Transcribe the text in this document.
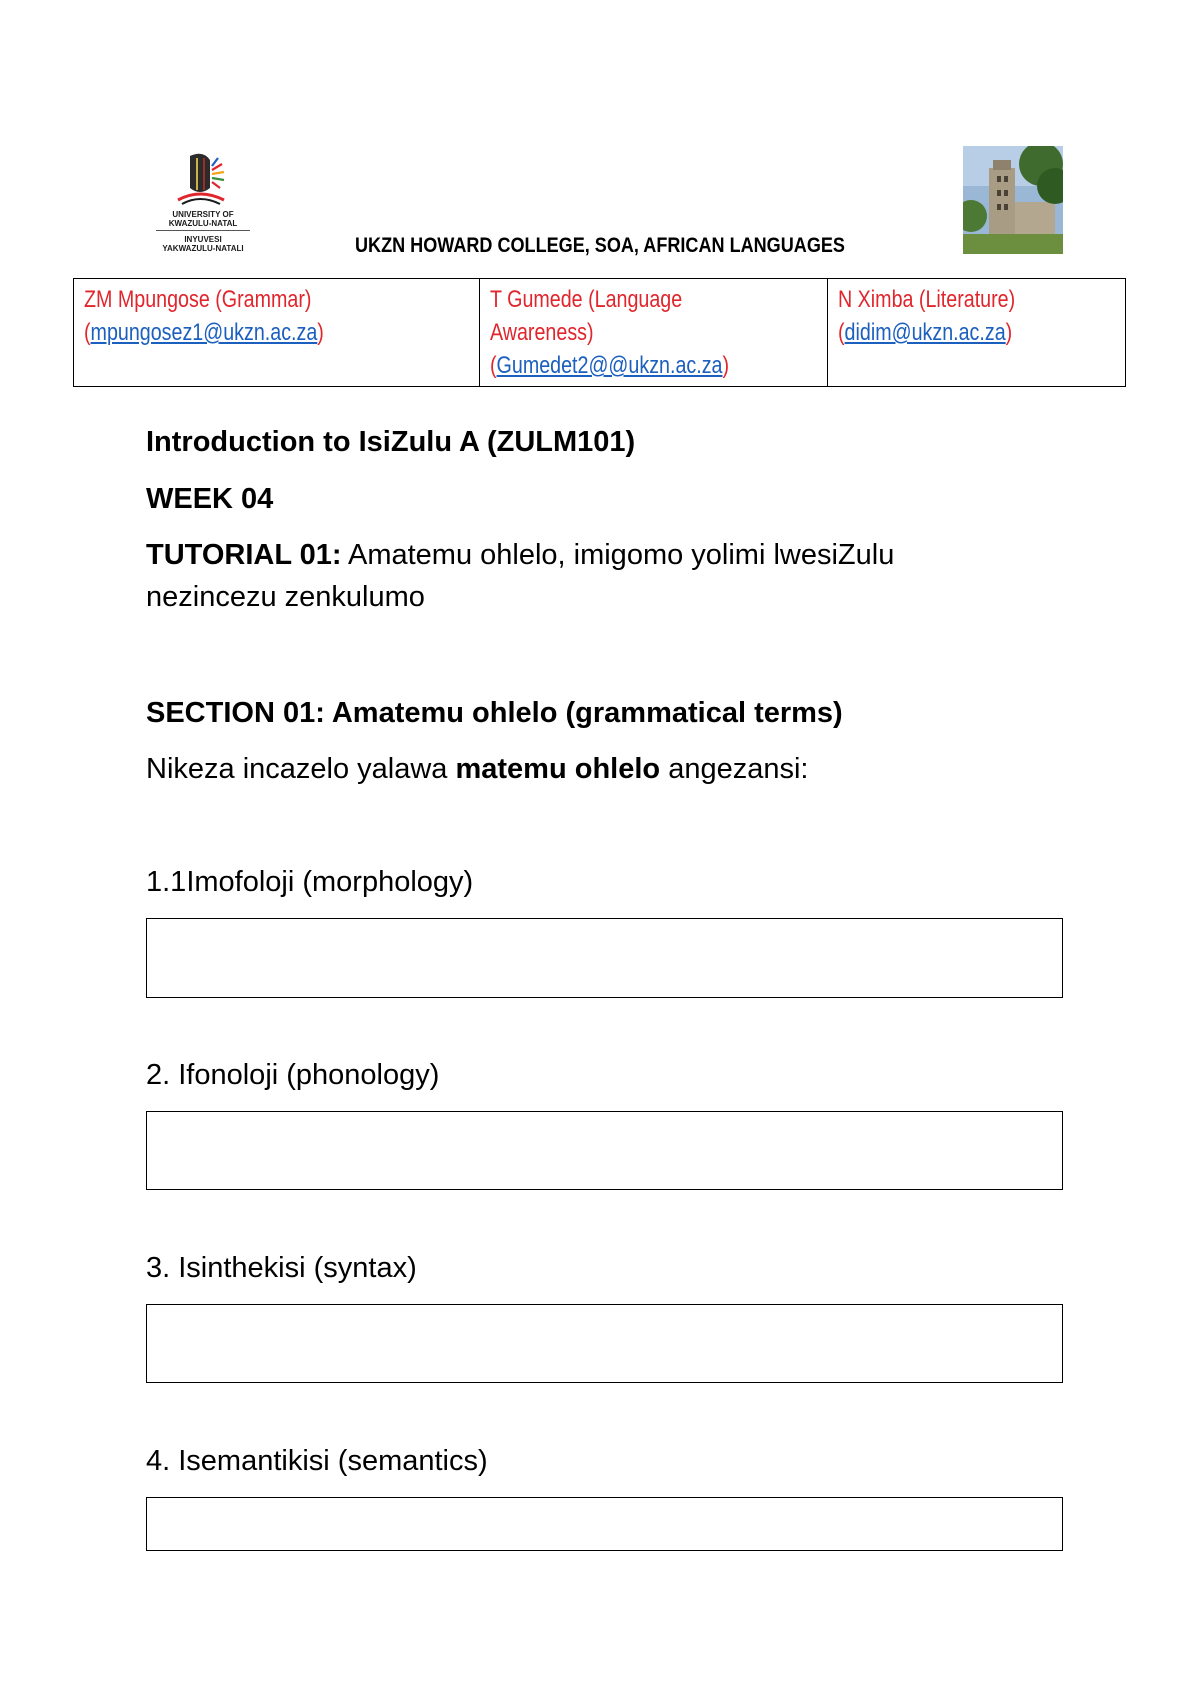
UNIVERSITY OF
KWAZULU-NATAL
INYUVESI
YAKWAZULU-NATALI	UKZN HOWARD COLLEGE, SOA, AFRICAN LANGUAGES
ZM Mpungose (Grammar)
(mpungosez1@ukzn.ac.za)	T Gumede (Language
Awareness)
(Gumedet2@@ukzn.ac.za)	N Ximba (Literature)
(didim@ukzn.ac.za)
Introduction to IsiZulu A (ZULM101)
WEEK 04
TUTORIAL 01: Amatemu ohlelo, imigomo yolimi lwesiZulu
nezincezu zenkulumo
SECTION 01: Amatemu ohlelo (grammatical terms)
Nikeza incazelo yalawa matemu ohlelo angezansi:
1.1Imofoloji (morphology)
2. Ifonoloji (phonology)
3. Isinthekisi (syntax)
4. Isemantikisi (semantics)
